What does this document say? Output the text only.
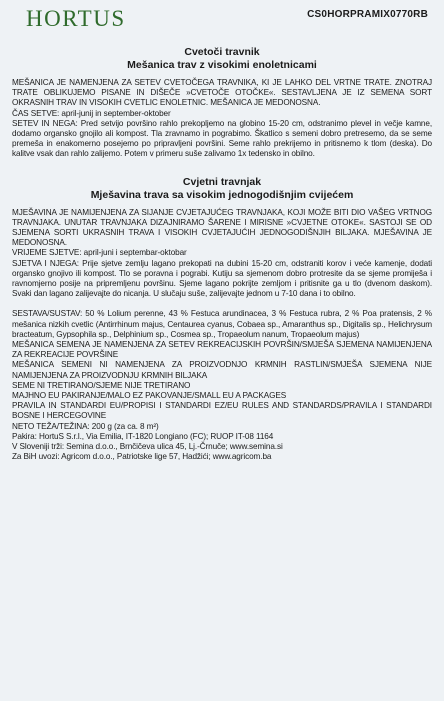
HORTUS	CS0HORPRAMIX0770RB
Cvetoči travnik
Mešanica trav z visokimi enoletnicami

MEŠANICA JE NAMENJENA ZA SETEV CVETOČEGA TRAVNIKA, KI JE LAHKO DEL VRTNE TRATE. ZNOTRAJ TRATE OBLIKUJEMO PISANE IN DIŠEČE »CVETOČE OTOČKE«. SESTAVLJENA JE IZ SEMENA SORT OKRASNIH TRAV IN VISOKIH CVETLIC ENOLETNIC. MEŠANICA JE MEDONOSNA.

ČAS SETVE: april-junij in september-oktober

SETEV IN NEGA: Pred setvijo površino rahlo prekopljemo na globino 15-20 cm, odstranimo plevel in večje kamne, dodamo organsko gnojilo ali kompost. Tla zravnamo in pograbimo. Škatlico s semeni dobro pretresemo, da se seme premeša in enakomerno posejemo po pripravljeni površini. Seme rahlo prekrijemo in pritisnemo k tlom (deska). Do kalitve vsak dan rahlo zalijemo. Potem v primeru suše zalivamo 1x tedensko in obilno.

Cvjetni travnjak
Mješavina trava sa visokim jednogodišnjim cvijećem

MJEŠAVINA JE NAMIJENJENA ZA SIJANJE CVJETAJUĆEG TRAVNJAKA, KOJI MOŽE BITI DIO VAŠEG VRTNOG TRAVNJAKA. UNUTAR TRAVNJAKA DIZAJNIRAMO ŠARENE I MIRISNE »CVJETNE OTOKE«. SASTOJI SE OD SJEMENA SORTI UKRASNIH TRAVA I VISOKIH CVJETAJUĆIH JEDNOGODIŠNJIH BILJAKA. MJEŠAVINA JE MEDONOSNA.

VRIJEME SJETVE: april-juni i septembar-oktobar

SJETVA I NJEGA: Prije sjetve zemlju lagano prekopati na dubini 15-20 cm, odstraniti korov i veće kamenje, dodati organsko gnojivo ili kompost. Tlo se poravna i pograbi. Kutiju sa sjemenom dobro protresite da se sjeme promiješa i ravnomjerno posije na pripremljenu površinu. Sjeme lagano pokrijte zemljom i pritisnite ga u tlo (dvenom daskom). Svaki dan lagano zalijevajte do nicanja. U slučaju suše, zalijevajte jednom u 7-10 dana i to obilno.

SESTAVA/SUSTAV: 50 % Lolium perenne, 43 % Festuca arundinacea, 3 % Festuca rubra, 2 % Poa pratensis, 2 % mešanica nizkih cvetlic (Antirrhinum majus, Centaurea cyanus, Cobaea sp., Amaranthus sp., Digitalis sp., Helichrysum bracteatum, Gypsophila sp., Delphinium sp., Cosmea sp., Tropaeolum nanum, Tropaeolum majus)

MEŠANICA SEMENA JE NAMENJENA ZA SETEV REKREACIJSKIH POVRŠIN/SMJEŠA SJEMENA NAMIJENJENA ZA REKREACIJE POVRŠINE

MEŠANICA SEMENI NI NAMENJENA ZA PROIZVODNJO KRMNIH RASTLIN/SMJEŠA SJEMENA NIJE NAMIJENJENA ZA PROIZVODNJU KRMNIH BILJAKA

SEME NI TRETIRANO/SJEME NIJE TRETIRANO

MAJHNO EU PAKIRANJE/MALO EZ PAKOVANJE/SMALL EU A PACKAGES

PRAVILA IN STANDARDI EU/PROPISI I STANDARDI EZ/EU RULES AND STANDARDS/PRAVILA I STANDARDI BOSNE I HERCEGOVINE

NETO TEŽA/TEŽINA: 200 g (za ca. 8 m²)

Pakira: HortuS S.r.l., Via Emilia, IT-1820 Longiano (FC); RUOP IT-08 1164

V Sloveniji trži: Semina d.o.o., Brnčičeva ulica 45, Lj.-Črnuče; www.semina.si

Za BiH uvozi: Agricom d.o.o., Patriotske lige 57, Hadžići; www.agricom.ba
